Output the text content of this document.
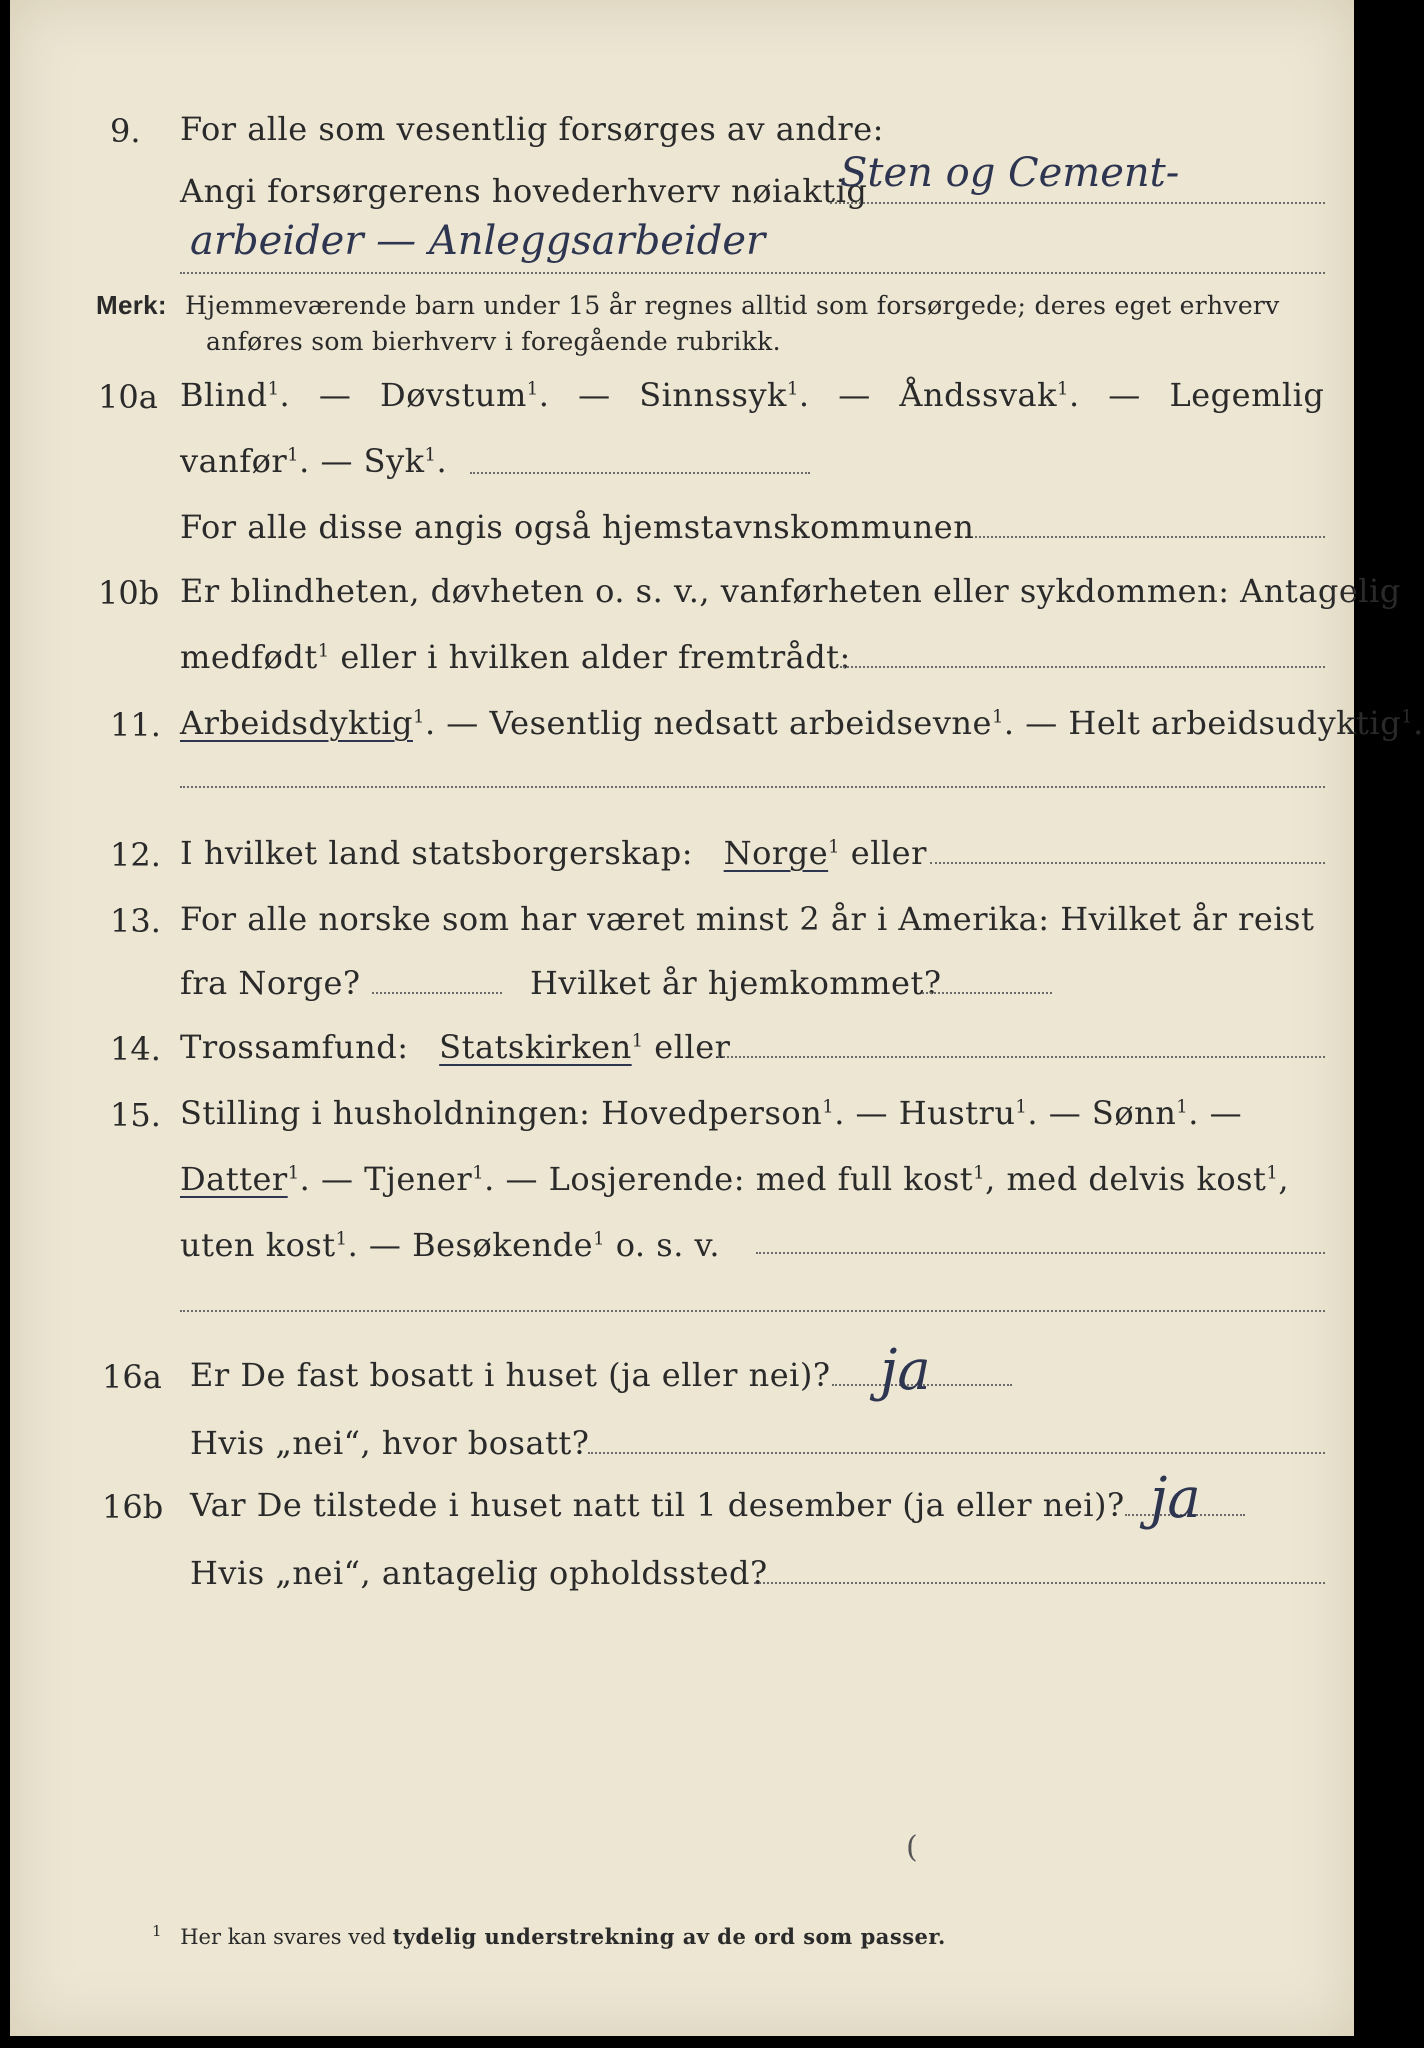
9. For alle som vesentlig forsørges av andre:
Angi forsørgerens hovederhverv nøiaktig
Sten og Cement-
arbeider — Anleggsarbeider
Merk: Hjemmeværende barn under 15 år regnes alltid som forsørgede; deres eget erhverv
anføres som bierhverv i foregående rubrikk.
10a Blind$^1$. — Døvstum$^1$. — Sinnssyk$^1$. — Åndssvak$^1$. — Legemlig
vanfør$^1$. — Syk$^1$.
For alle disse angis også hjemstavnskommunen
10b Er blindheten, døvheten o. s. v., vanførheten eller sykdommen: Antagelig
medfødt$^1$ eller i hvilken alder fremtrådt:
11. Arbeidsdyktig$^1$. — Vesentlig nedsatt arbeidsevne$^1$. — Helt arbeidsudyktig$^1$.
12. I hvilket land statsborgerskap: Norge$^1$ eller
13. For alle norske som har været minst 2 år i Amerika: Hvilket år reist
fra Norge?	Hvilket år hjemkommet?
14. Trossamfund: Statskirken$^1$ eller
15. Stilling i husholdningen: Hovedperson$^1$. — Hustru$^1$. — Sønn$^1$. —
Datter$^1$. — Tjener$^1$. — Losjerende: med full kost$^1$, med delvis kost$^1$,
uten kost$^1$. — Besøkende$^1$ o. s. v.
16a Er De fast bosatt i huset (ja eller nei)? ja
Hvis „nei“, hvor bosatt?
16b Var De tilstede i huset natt til 1 desember (ja eller nei)? ja
Hvis „nei“, antagelig opholdssted?
(
$^1$ Her kan svares ved tydelig understrekning av de ord som passer.
